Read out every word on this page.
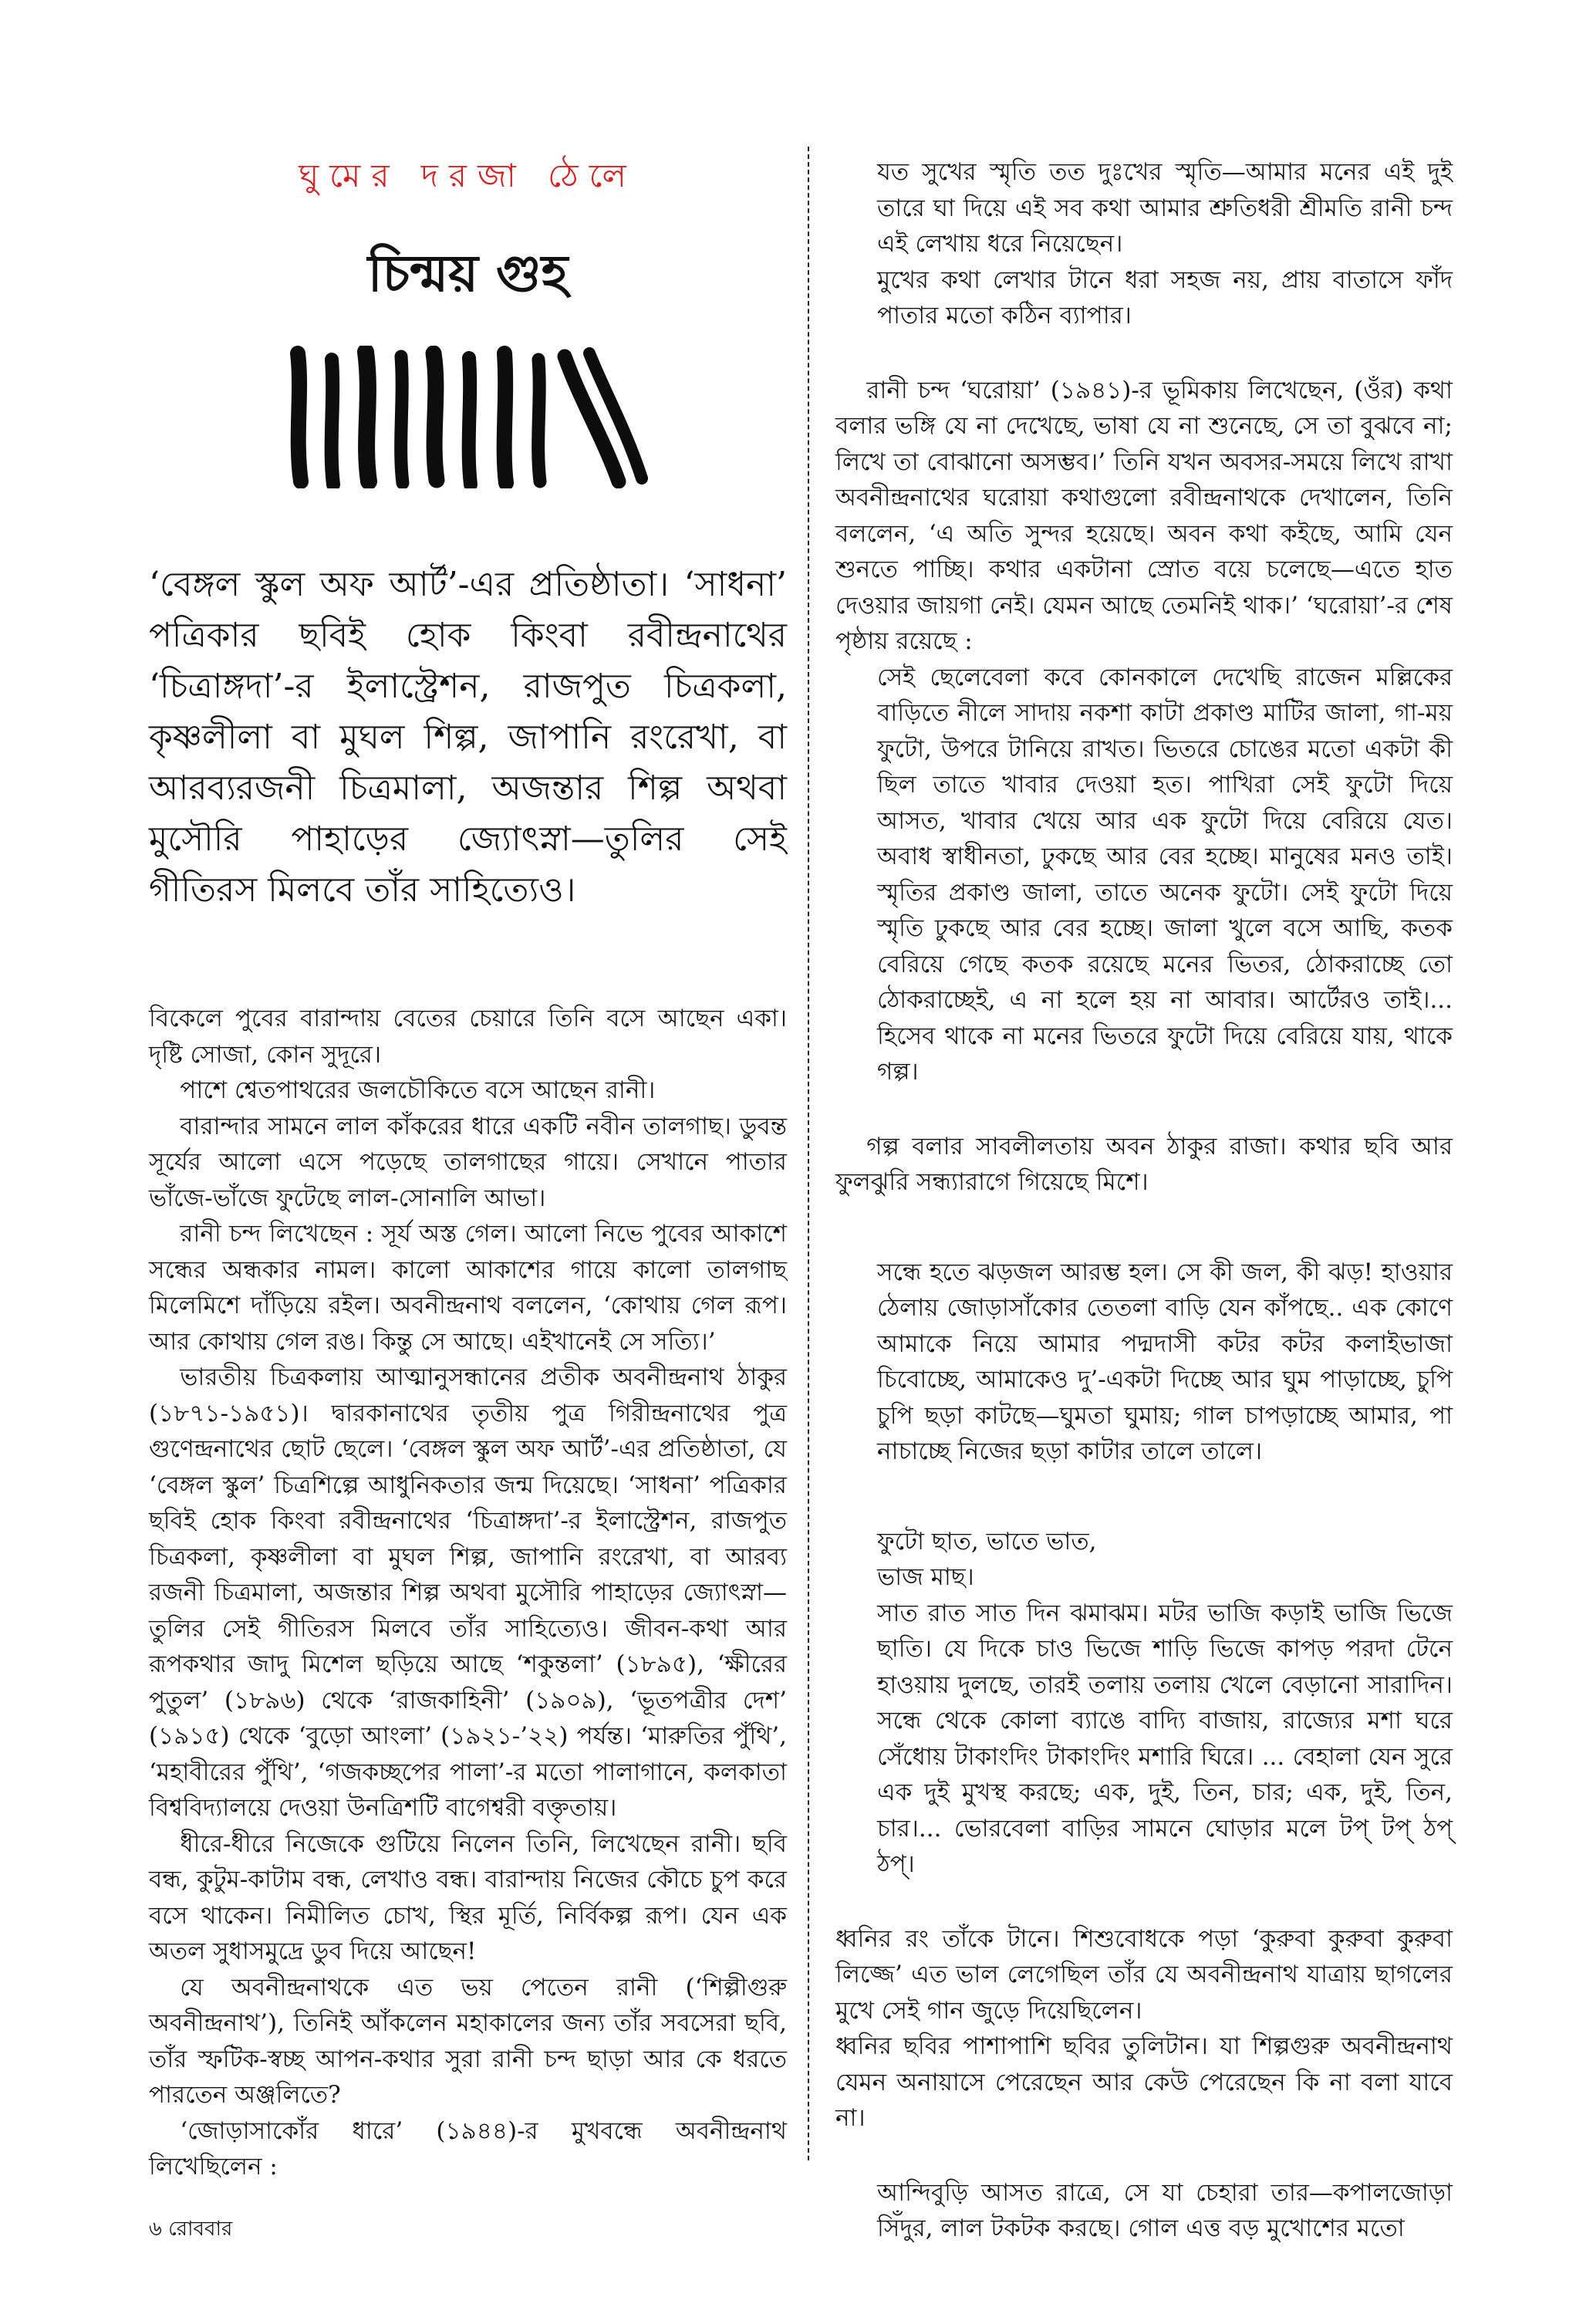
ঘুমের দরজা ঠেলে
চিন্ময় গুহ
‘বেঙ্গল স্কুল অফ আর্ট’-এর প্রতিষ্ঠাতা। ‘সাধনা’ পত্রিকার ছবিই হোক কিংবা রবীন্দ্রনাথের ‘চিত্রাঙ্গদা’-র ইলাস্ট্রেশন, রাজপুত চিত্রকলা, কৃষ্ণলীলা বা মুঘল শিল্প, জাপানি রংরেখা, বা আরব্যরজনী চিত্রমালা, অজন্তার শিল্প অথবা মুসৌরি পাহাড়ের জ্যোৎস্না—তুলির সেই গীতিরস মিলবে তাঁর সাহিত্যেও।

বিকেলে পুবের বারান্দায় বেতের চেয়ারে তিনি বসে আছেন একা। দৃষ্টি সোজা, কোন সুদূরে।

পাশে শ্বেতপাথরের জলচৌকিতে বসে আছেন রানী।

বারান্দার সামনে লাল কাঁকরের ধারে একটি নবীন তালগাছ। ডুবন্ত সূর্যের আলো এসে পড়েছে তালগাছের গায়ে। সেখানে পাতার ভাঁজে-ভাঁজে ফুটেছে লাল-সোনালি আভা।

রানী চন্দ লিখেছেন : সূর্য অস্ত গেল। আলো নিভে পুবের আকাশে সন্ধের অন্ধকার নামল। কালো আকাশের গায়ে কালো তালগাছ মিলেমিশে দাঁড়িয়ে রইল। অবনীন্দ্রনাথ বললেন, ‘কোথায় গেল রূপ। আর কোথায় গেল রঙ। কিন্তু সে আছে। এইখানেই সে সত্যি।’

ভারতীয় চিত্রকলায় আত্মানুসন্ধানের প্রতীক অবনীন্দ্রনাথ ঠাকুর (১৮৭১-১৯৫১)। দ্বারকানাথের তৃতীয় পুত্র গিরীন্দ্রনাথের পুত্র গুণেন্দ্রনাথের ছোট ছেলে। ‘বেঙ্গল স্কুল অফ আর্ট’-এর প্রতিষ্ঠাতা, যে ‘বেঙ্গল স্কুল’ চিত্রশিল্পে আধুনিকতার জন্ম দিয়েছে। ‘সাধনা’ পত্রিকার ছবিই হোক কিংবা রবীন্দ্রনাথের ‘চিত্রাঙ্গদা’-র ইলাস্ট্রেশন, রাজপুত চিত্রকলা, কৃষ্ণলীলা বা মুঘল শিল্প, জাপানি রংরেখা, বা আরব্য রজনী চিত্রমালা, অজন্তার শিল্প অথবা মুসৌরি পাহাড়ের জ্যোৎস্না—তুলির সেই গীতিরস মিলবে তাঁর সাহিত্যেও। জীবন-কথা আর রূপকথার জাদু মিশেল ছড়িয়ে আছে ‘শকুন্তলা’ (১৮৯৫), ‘ক্ষীরের পুতুল’ (১৮৯৬) থেকে ‘রাজকাহিনী’ (১৯০৯), ‘ভূতপত্রীর দেশ’ (১৯১৫) থেকে ‘বুড়ো আংলা’ (১৯২১-’২২) পর্যন্ত। ‘মারুতির পুঁথি’, ‘মহাবীরের পুঁথি’, ‘গজকচ্ছপের পালা’-র মতো পালাগানে, কলকাতা বিশ্ববিদ্যালয়ে দেওয়া উনত্রিশটি বাগেশ্বরী বক্তৃতায়।

ধীরে-ধীরে নিজেকে গুটিয়ে নিলেন তিনি, লিখেছেন রানী। ছবি বন্ধ, কুটুম-কাটাম বন্ধ, লেখাও বন্ধ। বারান্দায় নিজের কৌচে চুপ করে বসে থাকেন। নিমীলিত চোখ, স্থির মূর্তি, নির্বিকল্প রূপ। যেন এক অতল সুধাসমুদ্রে ডুব দিয়ে আছেন!

যে অবনীন্দ্রনাথকে এত ভয় পেতেন রানী (‘শিল্পীগুরু অবনীন্দ্রনাথ’), তিনিই আঁকলেন মহাকালের জন্য তাঁর সবসেরা ছবি, তাঁর স্ফটিক-স্বচ্ছ আপন-কথার সুরা রানী চন্দ ছাড়া আর কে ধরতে পারতেন অঞ্জলিতে?

‘জোড়াসাকোঁর ধারে’ (১৯৪৪)-র মুখবন্ধে অবনীন্দ্রনাথ লিখেছিলেন :

যত সুখের স্মৃতি তত দুঃখের স্মৃতি—আমার মনের এই দুই তারে ঘা দিয়ে এই সব কথা আমার শ্রুতিধরী শ্রীমতি রানী চন্দ এই লেখায় ধরে নিয়েছেন।

মুখের কথা লেখার টানে ধরা সহজ নয়, প্রায় বাতাসে ফাঁদ পাতার মতো কঠিন ব্যাপার।

রানী চন্দ ‘ঘরোয়া’ (১৯৪১)-র ভূমিকায় লিখেছেন, (ওঁর) কথা বলার ভঙ্গি যে না দেখেছে, ভাষা যে না শুনেছে, সে তা বুঝবে না; লিখে তা বোঝানো অসম্ভব।’ তিনি যখন অবসর-সময়ে লিখে রাখা অবনীন্দ্রনাথের ঘরোয়া কথাগুলো রবীন্দ্রনাথকে দেখালেন, তিনি বললেন, ‘এ অতি সুন্দর হয়েছে। অবন কথা কইছে, আমি যেন শুনতে পাচ্ছি। কথার একটানা স্রোত বয়ে চলেছে—এতে হাত দেওয়ার জায়গা নেই। যেমন আছে তেমনিই থাক।’ ‘ঘরোয়া’-র শেষ পৃষ্ঠায় রয়েছে :

সেই ছেলেবেলা কবে কোনকালে দেখেছি রাজেন মল্লিকের বাড়িতে নীলে সাদায় নকশা কাটা প্রকাণ্ড মাটির জালা, গা-ময় ফুটো, উপরে টানিয়ে রাখত। ভিতরে চোঙের মতো একটা কী ছিল তাতে খাবার দেওয়া হত। পাখিরা সেই ফুটো দিয়ে আসত, খাবার খেয়ে আর এক ফুটো দিয়ে বেরিয়ে যেত। অবাধ স্বাধীনতা, ঢুকছে আর বের হচ্ছে। মানুষের মনও তাই। স্মৃতির প্রকাণ্ড জালা, তাতে অনেক ফুটো। সেই ফুটো দিয়ে স্মৃতি ঢুকছে আর বের হচ্ছে। জালা খুলে বসে আছি, কতক বেরিয়ে গেছে কতক রয়েছে মনের ভিতর, ঠোকরাচ্ছে তো ঠোকরাচ্ছেই, এ না হলে হয় না আবার। আর্টেরও তাই।... হিসেব থাকে না মনের ভিতরে ফুটো দিয়ে বেরিয়ে যায়, থাকে গল্প।

গল্প বলার সাবলীলতায় অবন ঠাকুর রাজা। কথার ছবি আর ফুলঝুরি সন্ধ্যারাগে গিয়েছে মিশে।

সন্ধে হতে ঝড়জল আরম্ভ হল। সে কী জল, কী ঝড়! হাওয়ার ঠেলায় জোড়াসাঁকোর তেতলা বাড়ি যেন কাঁপছে.. এক কোণে আমাকে নিয়ে আমার পদ্মদাসী কটর কটর কলাইভাজা চিবোচ্ছে, আমাকেও দু’-একটা দিচ্ছে আর ঘুম পাড়াচ্ছে, চুপি চুপি ছড়া কাটছে—ঘুমতা ঘুমায়; গাল চাপড়াচ্ছে আমার, পা নাচাচ্ছে নিজের ছড়া কাটার তালে তালে।

ফুটো ছাত, ভাতে ভাত,

ভাজ মাছ।

সাত রাত সাত দিন ঝমাঝম। মটর ভাজি কড়াই ভাজি ভিজে ছাতি। যে দিকে চাও ভিজে শাড়ি ভিজে কাপড় পরদা টেনে হাওয়ায় দুলছে, তারই তলায় তলায় খেলে বেড়ানো সারাদিন। সন্ধে থেকে কোলা ব্যাঙে বাদ্যি বাজায়, রাজ্যের মশা ঘরে সেঁধোয় টাকাংদিং টাকাংদিং মশারি ঘিরে। ... বেহালা যেন সুরে এক দুই মুখস্থ করছে; এক, দুই, তিন, চার; এক, দুই, তিন, চার।... ভোরবেলা বাড়ির সামনে ঘোড়ার মলে টপ্ টপ্ ঠপ্ ঠপ্।

ধ্বনির রং তাঁকে টানে। শিশুবোধকে পড়া ‘কুরুবা কুরুবা কুরুবা লিজ্জে’ এত ভাল লেগেছিল তাঁর যে অবনীন্দ্রনাথ যাত্রায় ছাগলের মুখে সেই গান জুড়ে দিয়েছিলেন।

ধ্বনির ছবির পাশাপাশি ছবির তুলিটান। যা শিল্পগুরু অবনীন্দ্রনাথ যেমন অনায়াসে পেরেছেন আর কেউ পেরেছেন কি না বলা যাবে না।

আন্দিবুড়ি আসত রাত্রে, সে যা চেহারা তার—কপালজোড়া সিঁদুর, লাল টকটক করছে। গোল এত্ত বড় মুখোশের মতো

৬ রোববার
